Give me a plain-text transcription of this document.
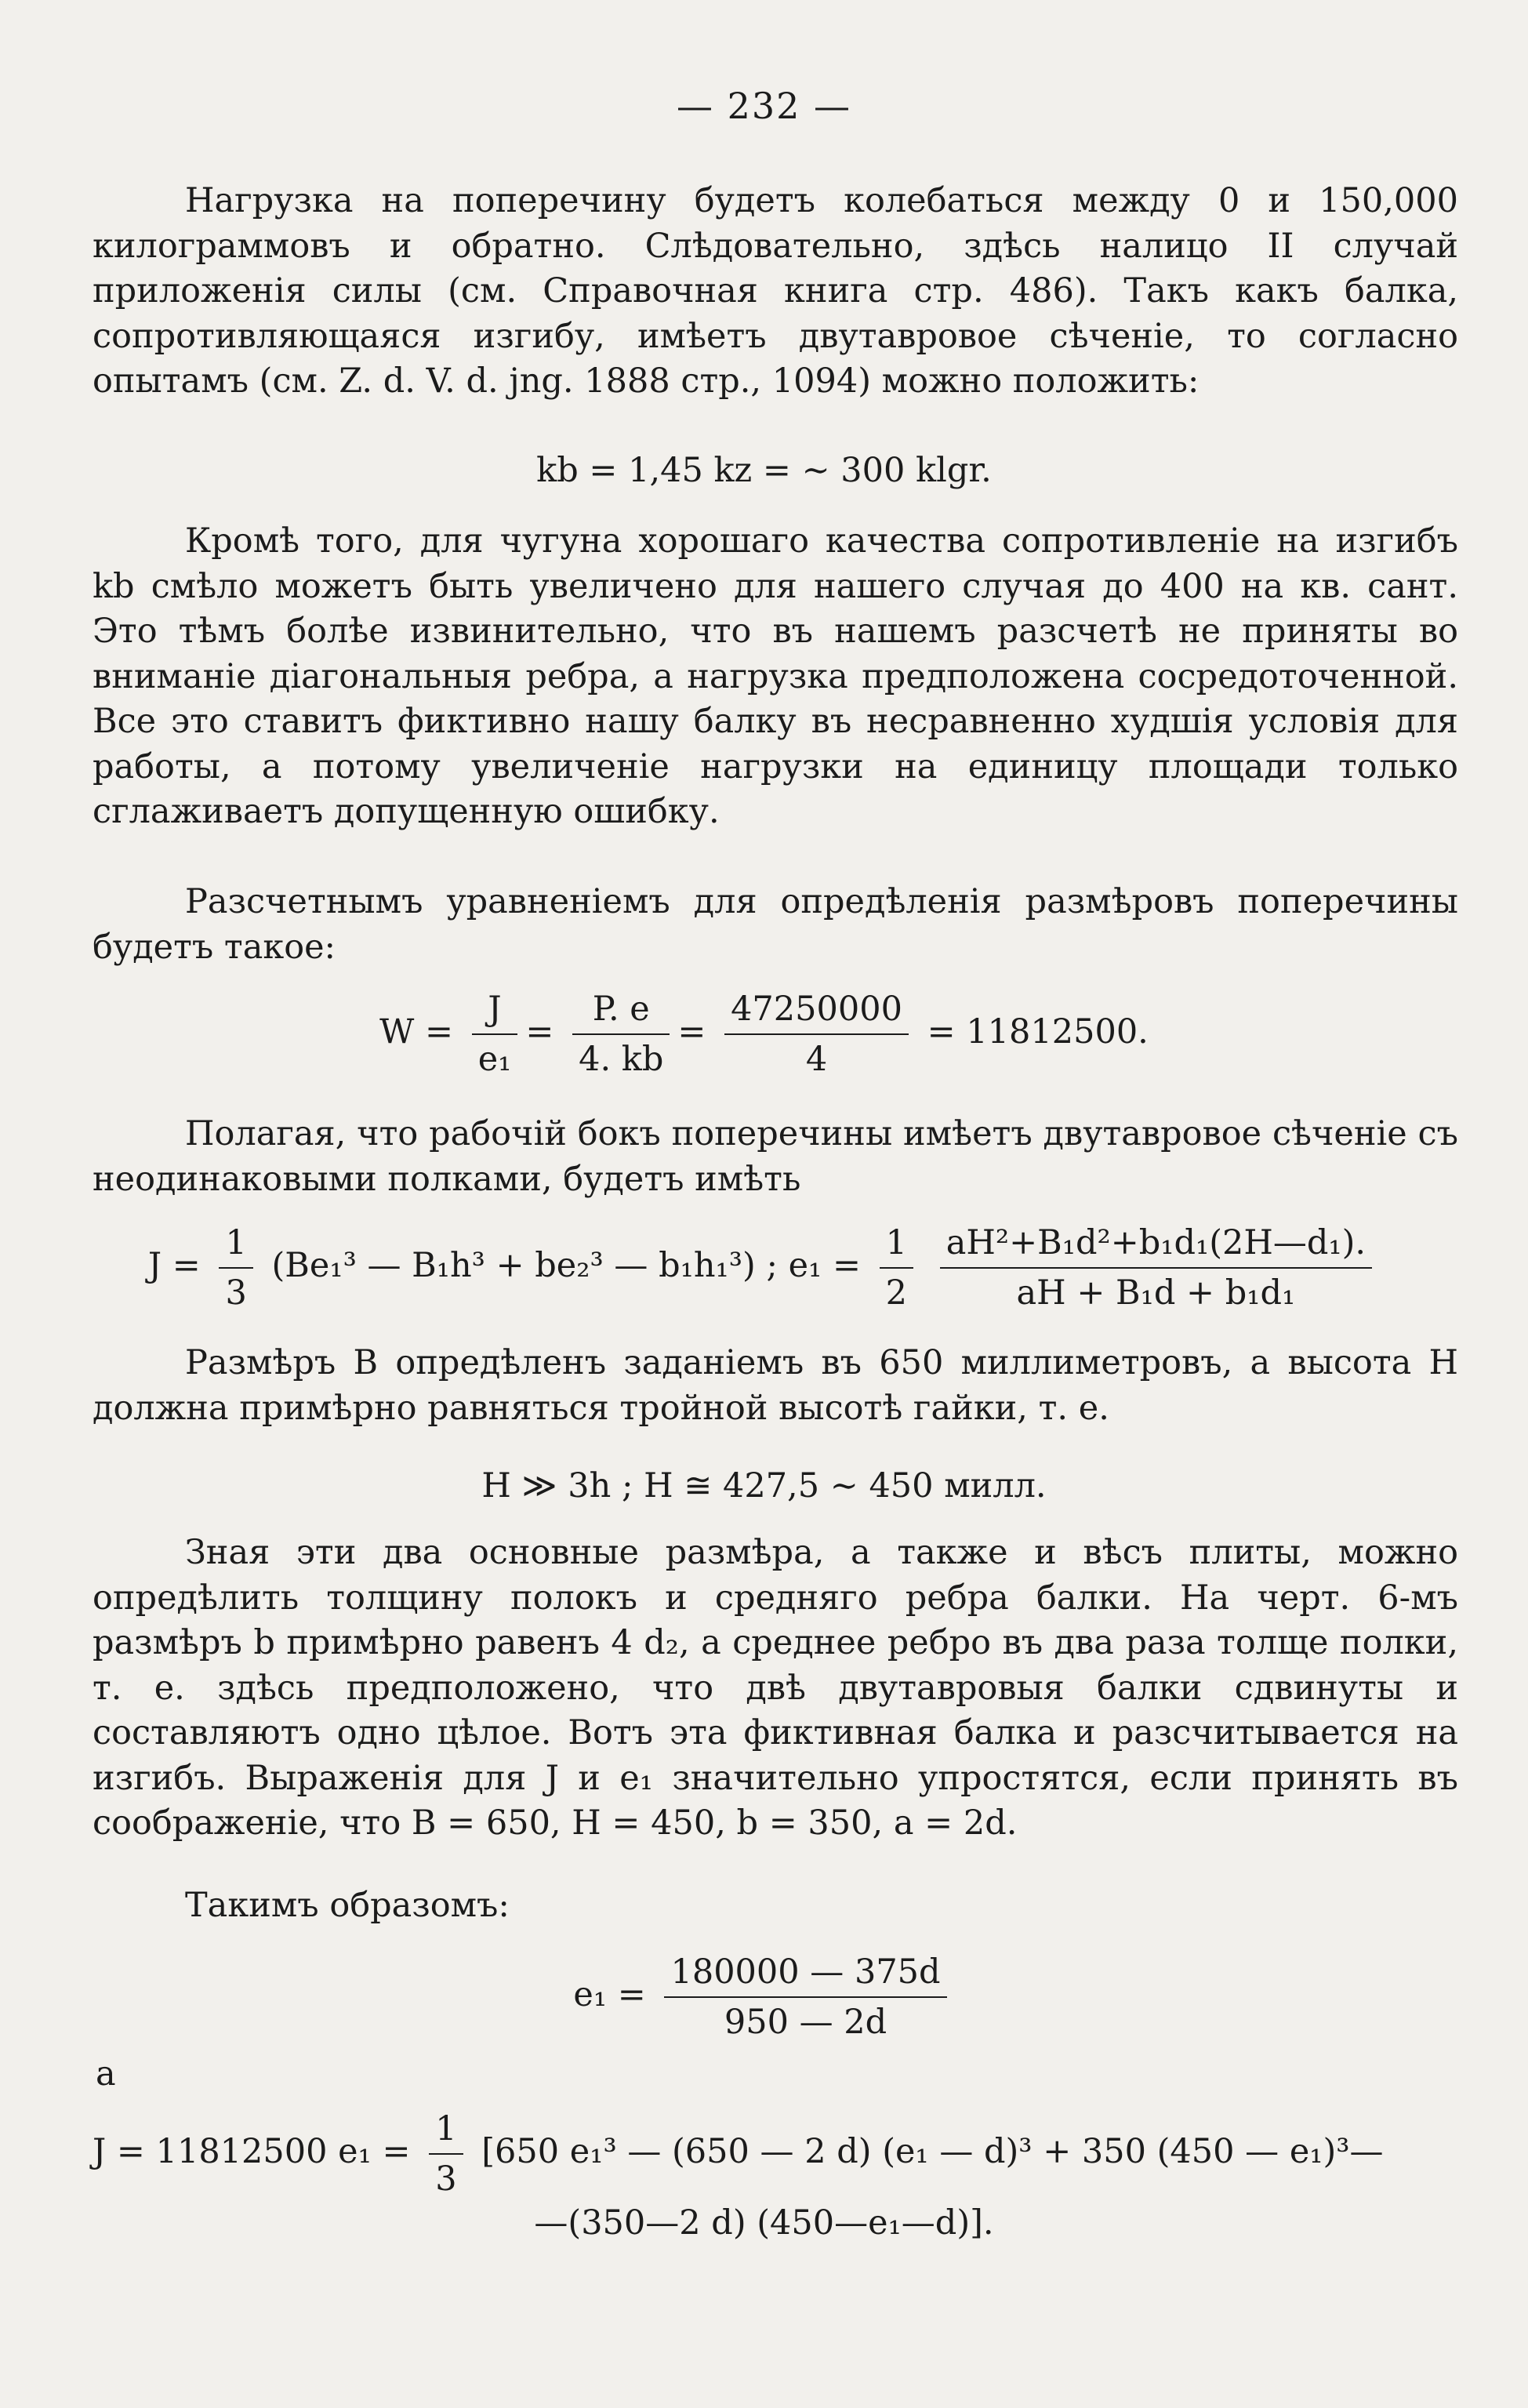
— 232 —

Нагрузка на поперечину будетъ колебаться между 0 и 150,000 килограммовъ и обратно. Слѣдовательно, здѣсь налицо II случай приложенія силы (см. Справочная книга стр. 486). Такъ какъ балка, сопротивляющаяся изгибу, имѣетъ двутавровое сѣченіе, то согласно опытамъ (см. Z. d. V. d. jng. 1888 стр., 1094) можно положить:

kb = 1,45 kz = ∼ 300 klgr.

Кромѣ того, для чугуна хорошаго качества сопротивленіе на изгибъ kb смѣло можетъ быть увеличено для нашего случая до 400 на кв. сант. Это тѣмъ болѣе извинительно, что въ нашемъ разсчетѣ не приняты во вниманіе діагональныя ребра, а нагрузка предположена сосредоточенной. Все это ставитъ фиктивно нашу балку въ несравненно худшія условія для работы, а потому увеличеніе нагрузки на единицу площади только сглаживаетъ допущенную ошибку.

Разсчетнымъ уравненіемъ для опредѣленія размѣровъ поперечины будетъ такое:

$W = \frac{J}{\text{e₁}} = \frac{P. e}{4. kb} = \frac{47250000}{4} = 11812500$.

Полагая, что рабочій бокъ поперечины имѣетъ двутавровое сѣченіе съ неодинаковыми полками, будетъ имѣть

$J = \frac{1}{3} (Be_1^3$ — B₁h³ + be₂³ — b₁h₁³) ; $e_1 = \frac{1}{2}$
$\frac{\text{aH²+B₁d²+b₁d₁(2H—d₁).}}{\text{aH + B₁d + b₁d₁}}$

Размѣръ B опредѣленъ заданіемъ въ 650 миллиметровъ, а высота H должна примѣрно равняться тройной высотѣ гайки, т. е.

H ≫ 3h ; H ≅ 427,5 ∼ 450 милл.

Зная эти два основные размѣра, а также и вѣсъ плиты, можно опредѣлить толщину полокъ и средняго ребра балки. На черт. 6-мъ размѣръ b примѣрно равенъ 4 d₂, а среднее ребро въ два раза толще полки, т. е. здѣсь предположено, что двѣ двутавровыя балки сдвинуты и составляютъ одно цѣлое. Вотъ эта фиктивная балка и разсчитывается на изгибъ. Выраженія для J и e₁ значительно упростятся, если принять въ соображеніе, что B = 650, H = 450, b = 350, a = 2d.

Такимъ образомъ:

$e_1 = \frac{180000 — 375d}{950 — 2d}$
а
J = 11812500 $e_1 = \frac{1}{3} [650$ e₁³ — (650 — 2 d) (e₁ — d)³ + 350 (450 — e₁)³—
—(350—2 d) (450—e₁—d)].
